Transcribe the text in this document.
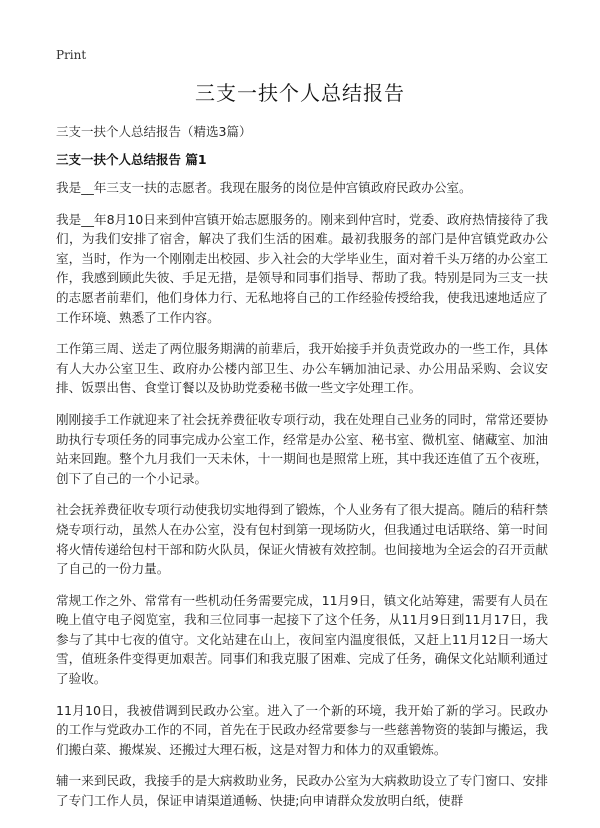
Print
三支一扶个人总结报告
三支一扶个人总结报告（精选3篇）
三支一扶个人总结报告 篇1

我是__年三支一扶的志愿者。我现在服务的岗位是仲宫镇政府民政办公室。

我是__年8月10日来到仲宫镇开始志愿服务的。刚来到仲宫时，党委、政府热情接待了我们，为我们安排了宿舍，解决了我们生活的困难。最初我服务的部门是仲宫镇党政办公室，当时，作为一个刚刚走出校园、步入社会的大学毕业生，面对着千头万绪的办公室工作，我感到顾此失彼、手足无措，是领导和同事们指导、帮助了我。特别是同为三支一扶的志愿者前辈们，他们身体力行、无私地将自己的工作经验传授给我，使我迅速地适应了工作环境、熟悉了工作内容。

工作第三周、送走了两位服务期满的前辈后，我开始接手并负责党政办的一些工作，具体有人大办公室卫生、政府办公楼内部卫生、办公车辆加油记录、办公用品采购、会议安排、饭票出售、食堂订餐以及协助党委秘书做一些文字处理工作。

刚刚接手工作就迎来了社会抚养费征收专项行动，我在处理自己业务的同时，常常还要协助执行专项任务的同事完成办公室工作，经常是办公室、秘书室、微机室、储藏室、加油站来回跑。整个九月我们一天未休，十一期间也是照常上班，其中我还连值了五个夜班，创下了自己的一个小记录。

社会抚养费征收专项行动使我切实地得到了锻炼，个人业务有了很大提高。随后的秸秆禁烧专项行动，虽然人在办公室，没有包村到第一现场防火，但我通过电话联络、第一时间将火情传递给包村干部和防火队员，保证火情被有效控制。也间接地为全运会的召开贡献了自己的一份力量。

常规工作之外、常常有一些机动任务需要完成，11月9日，镇文化站筹建，需要有人员在晚上值守电子阅览室，我和三位同事一起接下了这个任务，从11月9日到11月17日，我参与了其中七夜的值守。文化站建在山上，夜间室内温度很低，又赶上11月12日一场大雪，值班条件变得更加艰苦。同事们和我克服了困难、完成了任务，确保文化站顺利通过了验收。

11月10日，我被借调到民政办公室。进入了一个新的环境，我开始了新的学习。民政办的工作与党政办工作的不同，首先在于民政办经常要参与一些慈善物资的装卸与搬运，我们搬白菜、搬煤炭、还搬过大理石板，这是对智力和体力的双重锻炼。

辅一来到民政，我接手的是大病救助业务，民政办公室为大病救助设立了专门窗口、安排了专门工作人员，保证申请渠道通畅、快捷;向申请群众发放明白纸，使群
